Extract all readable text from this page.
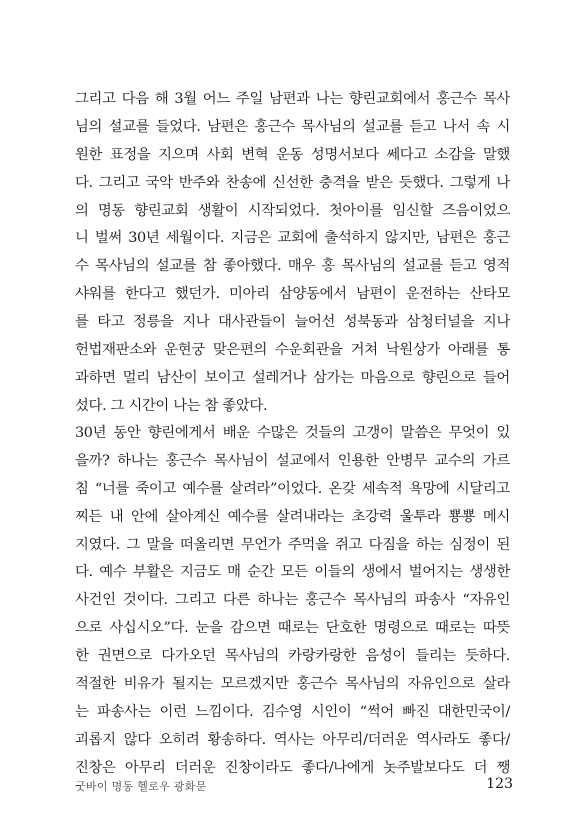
그리고 다음 해 3월 어느 주일 남편과 나는 향린교회에서 홍근수 목사
님의 설교를 들었다. 남편은 홍근수 목사님의 설교를 듣고 나서 속 시
원한 표정을 지으며 사회 변혁 운동 성명서보다 쎄다고 소감을 말했
다. 그리고 국악 반주와 찬송에 신선한 충격을 받은 듯했다. 그렇게 나
의 명동 향린교회 생활이 시작되었다. 첫아이를 임신할 즈음이었으
니 벌써 30년 세월이다. 지금은 교회에 출석하지 않지만, 남편은 홍근
수 목사님의 설교를 참 좋아했다. 매우 홍 목사님의 설교를 듣고 영적
샤워를 한다고 했던가. 미아리 삼양동에서 남편이 운전하는 산타모
를 타고 정릉을 지나 대사관들이 늘어선 성북동과 삼청터널을 지나
헌법재판소와 운현궁 맞은편의 수운회관을 거쳐 낙원상가 아래를 통
과하면 멀리 남산이 보이고 설레거나 삼가는 마음으로 향린으로 들어
섰다. 그 시간이 나는 참 좋았다.
30년 동안 향린에게서 배운 수많은 것들의 고갱이 말씀은 무엇이 있
을까? 하나는 홍근수 목사님이 설교에서 인용한 안병무 교수의 가르
침 “너를 죽이고 예수를 살려라”이었다. 온갖 세속적 욕망에 시달리고
찌든 내 안에 살아계신 예수를 살려내라는 초강력 울투라 뿅뿅 메시
지였다. 그 말을 떠올리면 무언가 주먹을 쥐고 다짐을 하는 심정이 된
다. 예수 부활은 지금도 매 순간 모든 이들의 생에서 벌어지는 생생한
사건인 것이다. 그리고 다른 하나는 홍근수 목사님의 파송사 “자유인
으로 사십시오”다. 눈을 감으면 때로는 단호한 명령으로 때로는 따뜻
한 권면으로 다가오던 목사님의 카랑카랑한 음성이 들리는 듯하다.
적절한 비유가 될지는 모르겠지만 홍근수 목사님의 자유인으로 살라
는 파송사는 이런 느낌이다. 김수영 시인이 “썩어 빠진 대한민국이/
괴롭지 않다 오히려 황송하다. 역사는 아무리/더러운 역사라도 좋다/
진창은 아무리 더러운 진창이라도 좋다/나에게 놋주발보다도 더 쨍
굿바이 명동 헬로우 광화문	123
